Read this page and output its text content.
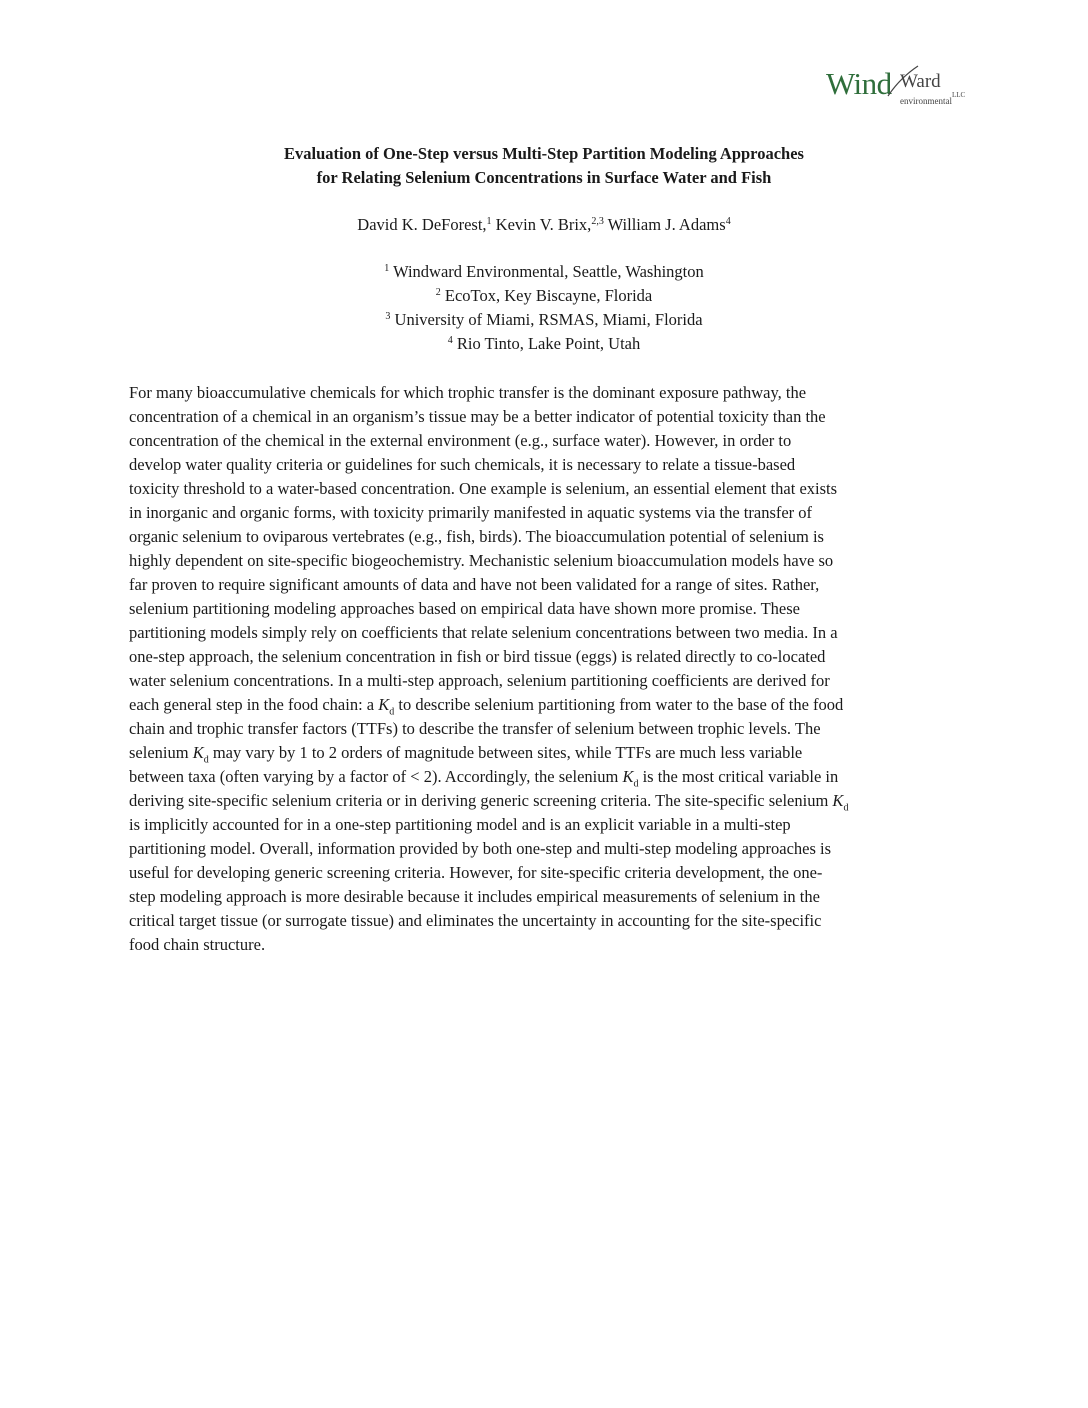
Wind Ward
environmental
LLC
Evaluation of One-Step versus Multi-Step Partition Modeling Approaches
for Relating Selenium Concentrations in Surface Water and Fish
David K. DeForest,$^1$ Kevin V. Brix,$^{2,3}$ William J. Adams$^4$
$^1$ Windward Environmental, Seattle, Washington
$^2$ EcoTox, Key Biscayne, Florida
$^3$ University of Miami, RSMAS, Miami, Florida
$^4$ Rio Tinto, Lake Point, Utah
For many bioaccumulative chemicals for which trophic transfer is the dominant exposure pathway, the
concentration of a chemical in an organism’s tissue may be a better indicator of potential toxicity than the
concentration of the chemical in the external environment (e.g., surface water). However, in order to
develop water quality criteria or guidelines for such chemicals, it is necessary to relate a tissue-based
toxicity threshold to a water-based concentration. One example is selenium, an essential element that exists
in inorganic and organic forms, with toxicity primarily manifested in aquatic systems via the transfer of
organic selenium to oviparous vertebrates (e.g., fish, birds). The bioaccumulation potential of selenium is
highly dependent on site-specific biogeochemistry. Mechanistic selenium bioaccumulation models have so
far proven to require significant amounts of data and have not been validated for a range of sites. Rather,
selenium partitioning modeling approaches based on empirical data have shown more promise. These
partitioning models simply rely on coefficients that relate selenium concentrations between two media. In a
one-step approach, the selenium concentration in fish or bird tissue (eggs) is related directly to co-located
water selenium concentrations. In a multi-step approach, selenium partitioning coefficients are derived for
each general step in the food chain: a $K_d$ to describe selenium partitioning from water to the base of the food
chain and trophic transfer factors (TTFs) to describe the transfer of selenium between trophic levels. The
selenium $K_d$ may vary by 1 to 2 orders of magnitude between sites, while TTFs are much less variable
between taxa (often varying by a factor of < 2). Accordingly, the selenium $K_d$ is the most critical variable in
deriving site-specific selenium criteria or in deriving generic screening criteria. The site-specific selenium $K_d$
is implicitly accounted for in a one-step partitioning model and is an explicit variable in a multi-step
partitioning model. Overall, information provided by both one-step and multi-step modeling approaches is
useful for developing generic screening criteria. However, for site-specific criteria development, the one-
step modeling approach is more desirable because it includes empirical measurements of selenium in the
critical target tissue (or surrogate tissue) and eliminates the uncertainty in accounting for the site-specific
food chain structure.
